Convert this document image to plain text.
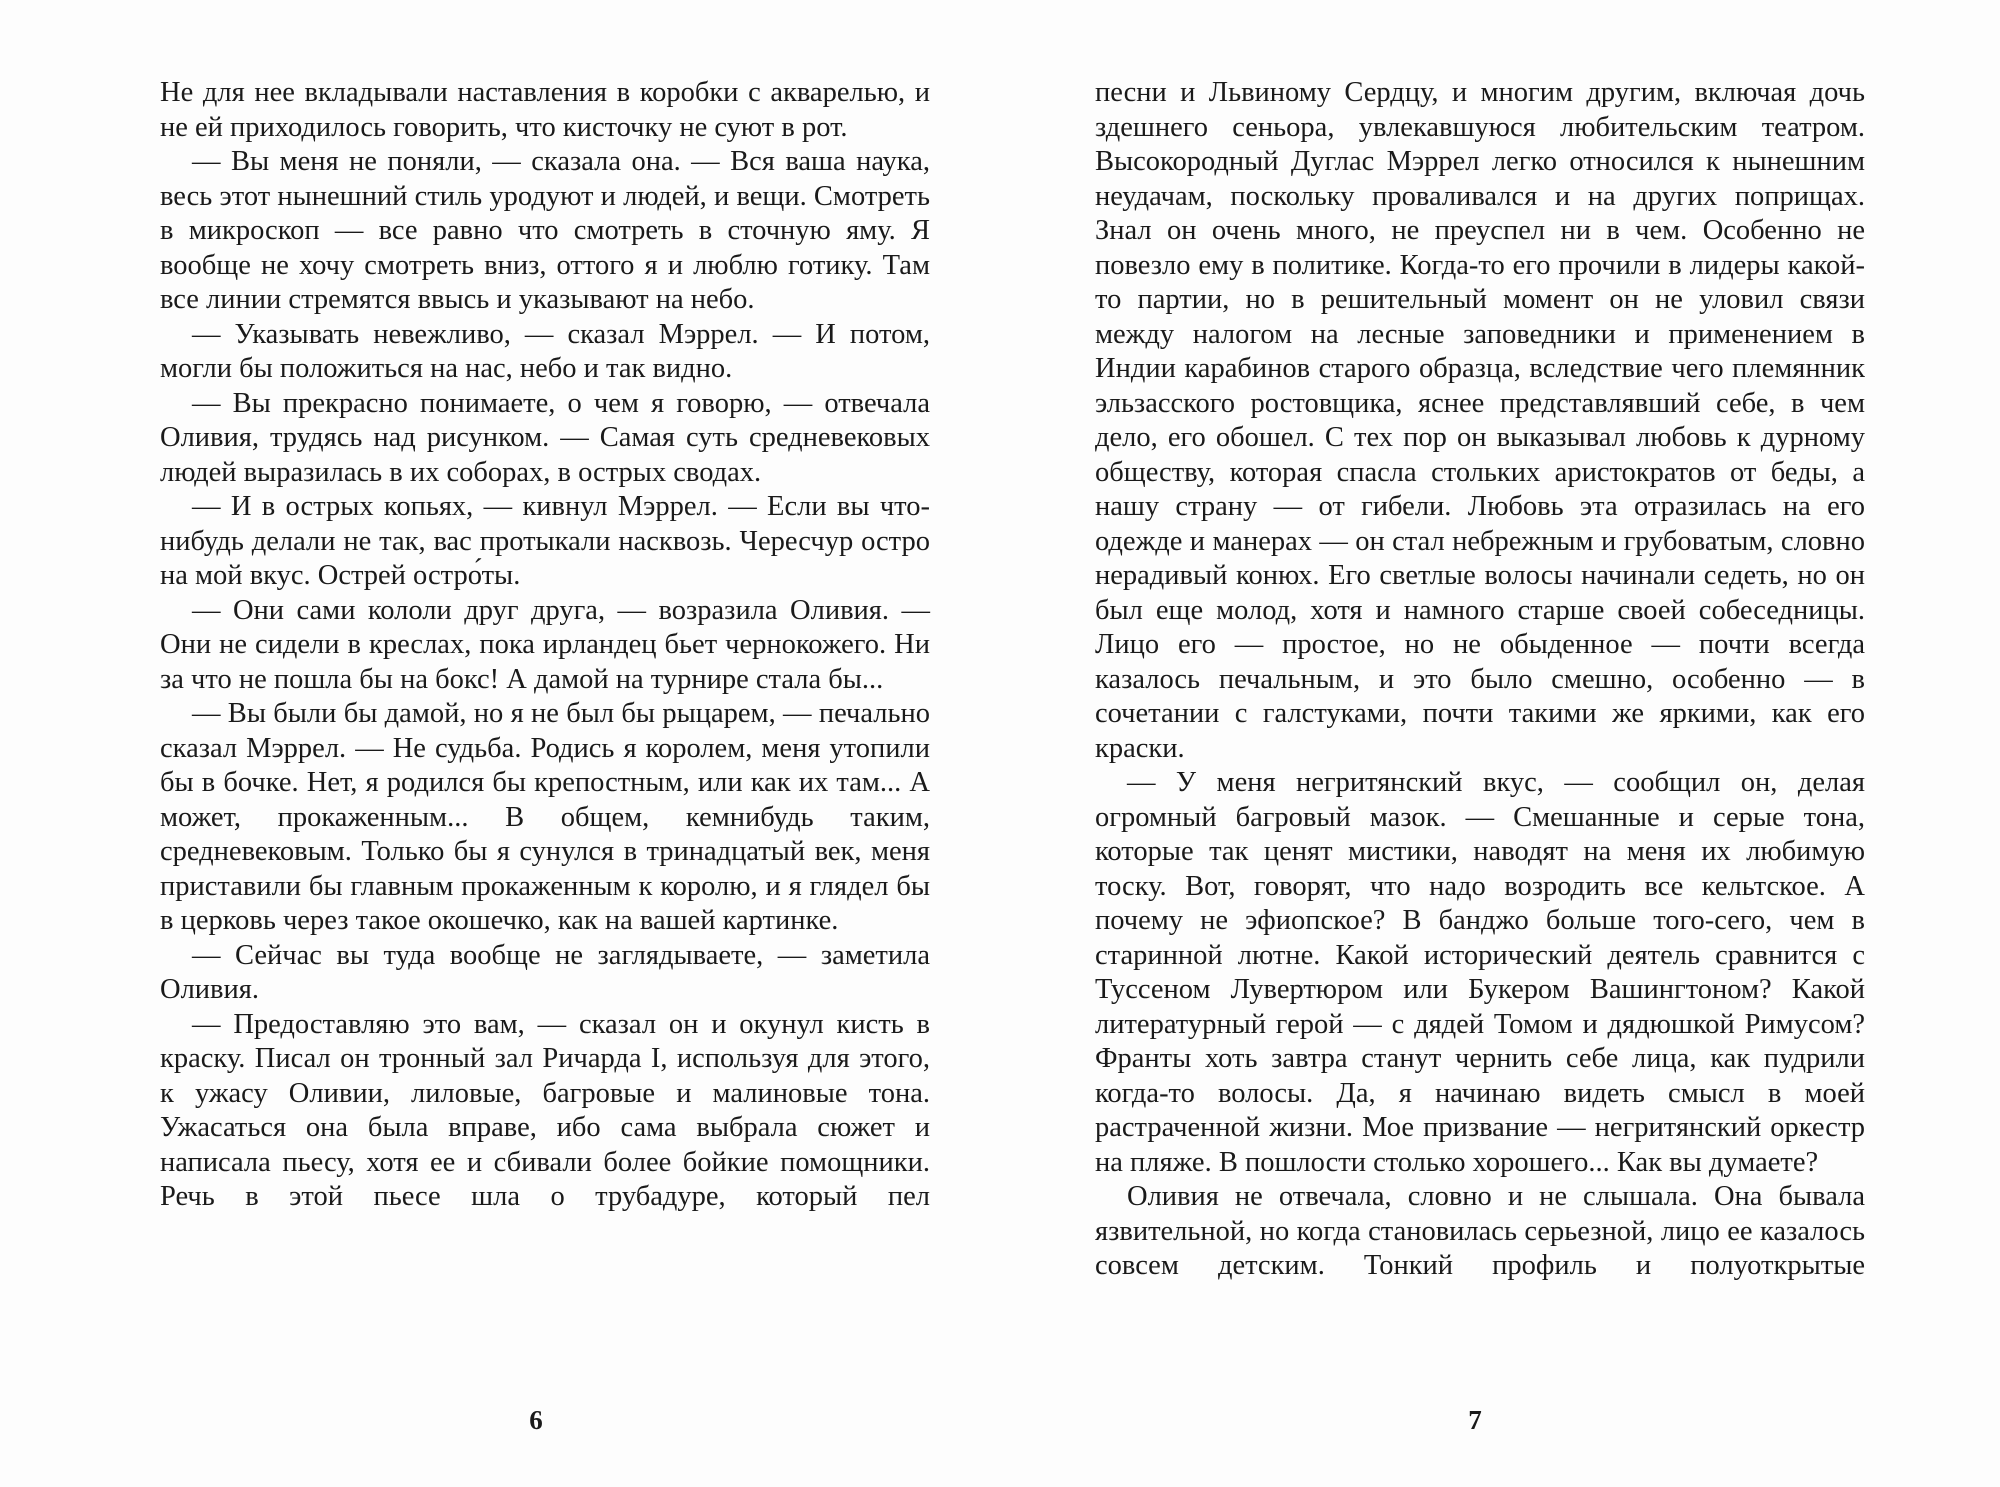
Не для нее вкладывали наставления в коробки с акварелью, и не ей приходилось говорить, что кисточку не суют в рот.

— Вы меня не поняли, — сказала она. — Вся ваша наука, весь этот нынешний стиль уродуют и людей, и вещи. Смотреть в микроскоп — все равно что смотреть в сточную яму. Я вообще не хочу смотреть вниз, оттого я и люблю готику. Там все линии стремятся ввысь и указывают на небо.

— Указывать невежливо, — сказал Мэррел. — И потом, могли бы положиться на нас, небо и так видно.

— Вы прекрасно понимаете, о чем я говорю, — отвечала Оливия, трудясь над рисунком. — Самая суть средневековых людей выразилась в их соборах, в острых сводах.

— И в острых копьях, — кивнул Мэррел. — Если вы что-нибудь делали не так, вас протыкали насквозь. Чересчур остро на мой вкус. Острей остро́ты.

— Они сами кололи друг друга, — возразила Оливия. — Они не сидели в креслах, пока ирландец бьет чернокожего. Ни за что не пошла бы на бокс! А дамой на турнире стала бы...

— Вы были бы дамой, но я не был бы рыцарем, — печально сказал Мэррел. — Не судьба. Родись я королем, меня утопили бы в бочке. Нет, я родился бы крепостным, или как их там... А может, прокаженным... В общем, кемнибудь таким, средневековым. Только бы я сунулся в тринадцатый век, меня приставили бы главным прокаженным к королю, и я глядел бы в церковь через такое окошечко, как на вашей картинке.

— Сейчас вы туда вообще не заглядываете, — заметила Оливия.

— Предоставляю это вам, — сказал он и окунул кисть в краску. Писал он тронный зал Ричарда I, используя для этого, к ужасу Оливии, лиловые, багровые и малиновые тона. Ужасаться она была вправе, ибо сама выбрала сюжет и написала пьесу, хотя ее и сбивали более бойкие помощники. Речь в этой пьесе шла о трубадуре, который пел

6

песни и Львиному Сердцу, и многим другим, включая дочь здешнего сеньора, увлекавшуюся любительским театром. Высокородный Дуглас Мэррел легко относился к нынешним неудачам, поскольку проваливался и на других поприщах. Знал он очень много, не преуспел ни в чем. Особенно не повезло ему в политике. Когда-то его прочили в лидеры какой-то партии, но в решительный момент он не уловил связи между налогом на лесные заповедники и применением в Индии карабинов старого образца, вследствие чего племянник эльзасского ростовщика, яснее представлявший себе, в чем дело, его обошел. С тех пор он выказывал любовь к дурному обществу, которая спасла стольких аристократов от беды, а нашу страну — от гибели. Любовь эта отразилась на его одежде и манерах — он стал небрежным и грубоватым, словно нерадивый конюх. Его светлые волосы начинали седеть, но он был еще молод, хотя и намного старше своей собеседницы. Лицо его — простое, но не обыденное — почти всегда казалось печальным, и это было смешно, особенно — в сочетании с галстуками, почти такими же яркими, как его краски.

— У меня негритянский вкус, — сообщил он, делая огромный багровый мазок. — Смешанные и серые тона, которые так ценят мистики, наводят на меня их любимую тоску. Вот, говорят, что надо возродить все кельтское. А почему не эфиопское? В банджо больше того-сего, чем в старинной лютне. Какой исторический деятель сравнится с Туссеном Лувертюром или Букером Вашингтоном? Какой литературный герой — с дядей Томом и дядюшкой Римусом? Франты хоть завтра станут чернить себе лица, как пудрили когда-то волосы. Да, я начинаю видеть смысл в моей растраченной жизни. Мое призвание — негритянский оркестр на пляже. В пошлости столько хорошего... Как вы думаете?

Оливия не отвечала, словно и не слышала. Она бывала язвительной, но когда становилась серьезной, лицо ее казалось совсем детским. Тонкий профиль и полуоткрытые

7
